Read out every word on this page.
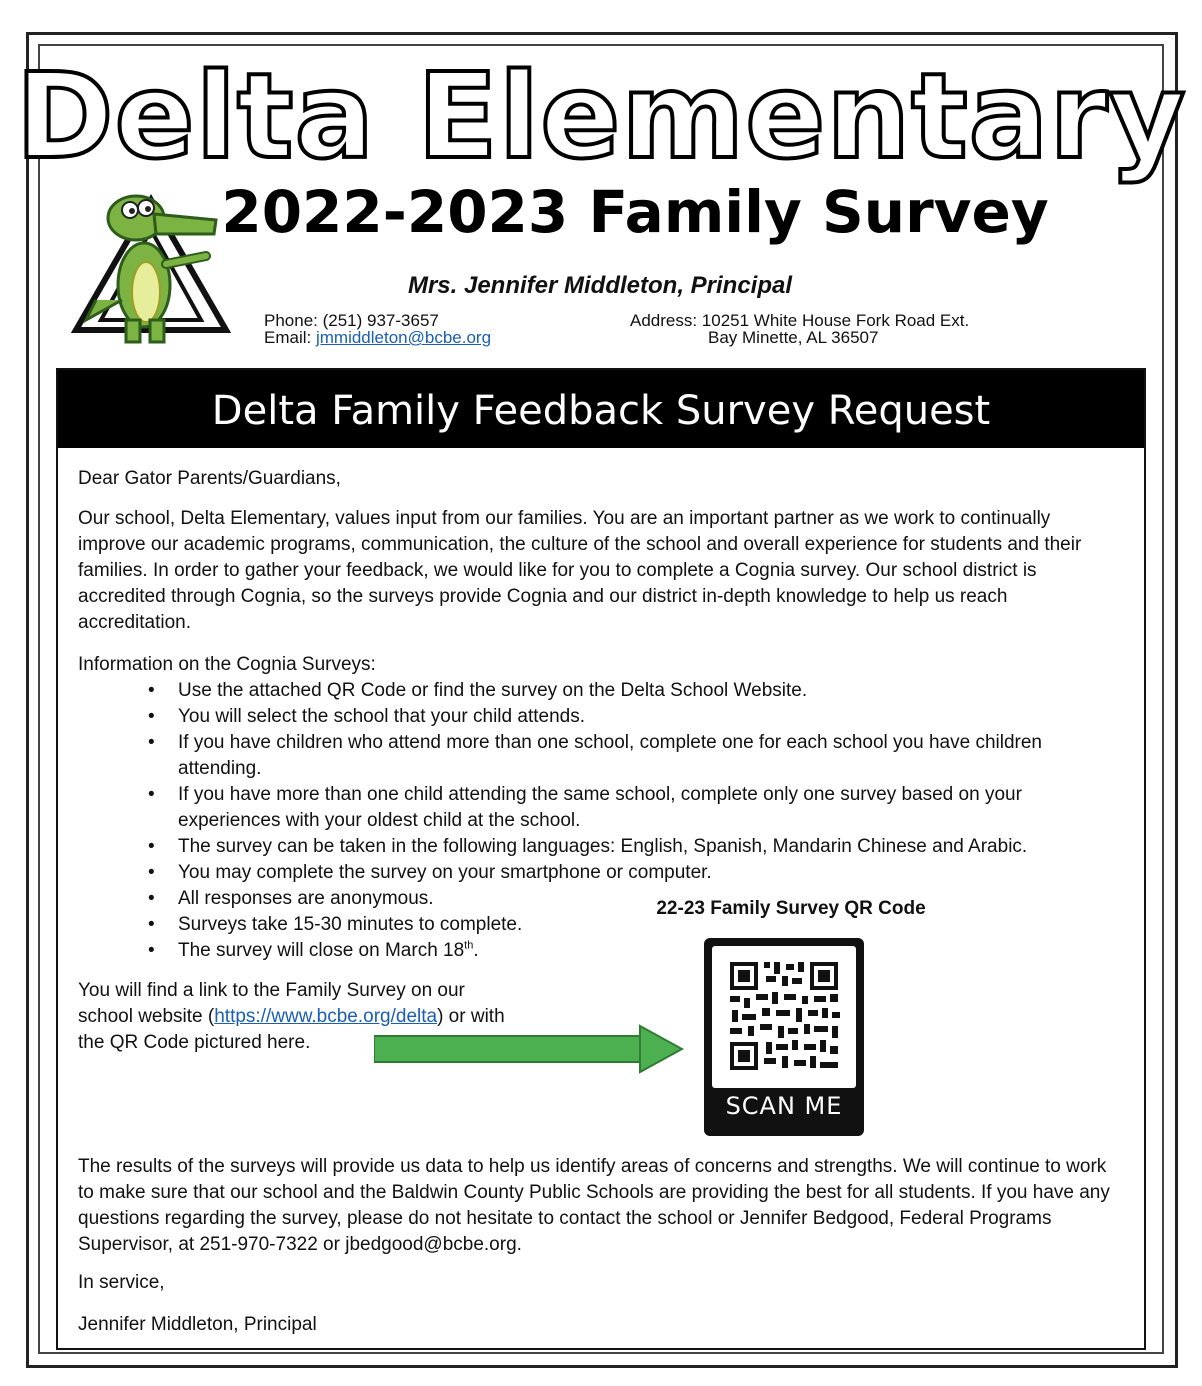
Delta Elementary
2022-2023 Family Survey
Mrs. Jennifer Middleton, Principal
Phone: (251) 937-3657
Email: jmmiddleton@bcbe.org
Address: 10251 White House Fork Road Ext.
Bay Minette, AL 36507
Delta Family Feedback Survey Request
Dear Gator Parents/Guardians,
Our school, Delta Elementary, values input from our families. You are an important partner as we work to continually improve our academic programs, communication, the culture of the school and overall experience for students and their families. In order to gather your feedback, we would like for you to complete a Cognia survey. Our school district is accredited through Cognia, so the surveys provide Cognia and our district in-depth knowledge to help us reach accreditation.
Information on the Cognia Surveys:
• Use the attached QR Code or find the survey on the Delta School Website.
• You will select the school that your child attends.
• If you have children who attend more than one school, complete one for each school you have children attending.
• If you have more than one child attending the same school, complete only one survey based on your experiences with your oldest child at the school.
• The survey can be taken in the following languages: English, Spanish, Mandarin Chinese and Arabic.
• You may complete the survey on your smartphone or computer.
• All responses are anonymous.
• Surveys take 15-30 minutes to complete.
• The survey will close on March 18th.
You will find a link to the Family Survey on our school website (https://www.bcbe.org/delta) or with the QR Code pictured here.
22-23 Family Survey QR Code
SCAN ME
The results of the surveys will provide us data to help us identify areas of concerns and strengths. We will continue to work to make sure that our school and the Baldwin County Public Schools are providing the best for all students. If you have any questions regarding the survey, please do not hesitate to contact the school or Jennifer Bedgood, Federal Programs Supervisor, at 251-970-7322 or jbedgood@bcbe.org.
In service,
Jennifer Middleton, Principal
